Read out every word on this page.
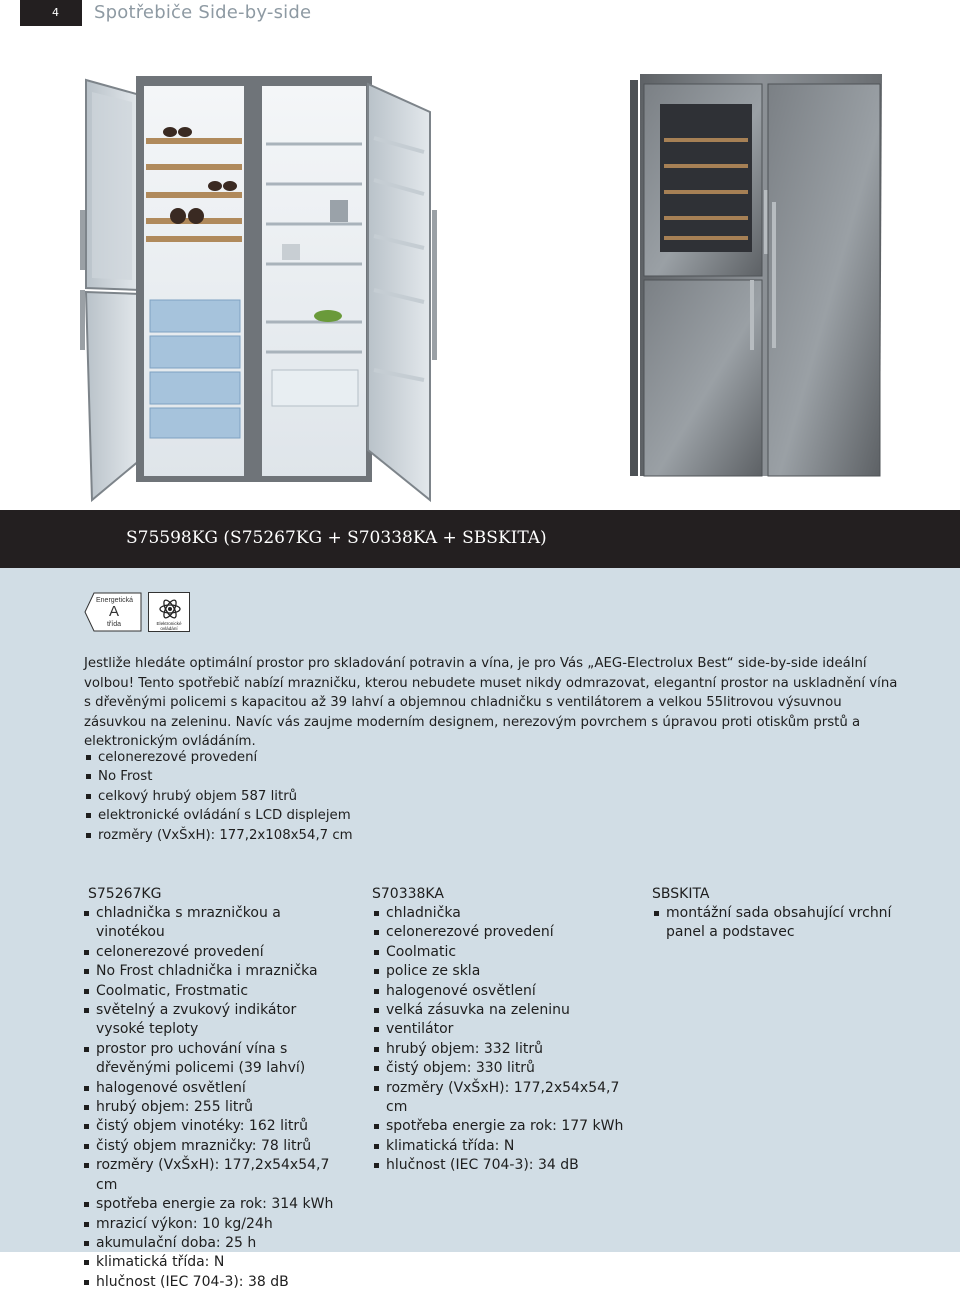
4	Spotřebiče Side-by-side
S75598KG (S75267KG + S70338KA + SBSKITA)
Energetická
A
třída	Elektronické
ovládání

Jestliže hledáte optimální prostor pro skladování potravin a vína, je pro Vás „AEG-Electrolux Best“ side-by-side ideální volbou! Tento spotřebič nabízí mrazničku, kterou nebudete muset nikdy odmrazovat, elegantní prostor na uskladnění vína s dřevěnými policemi s kapacitou až 39 lahví a objemnou chladničku s ventilátorem a velkou 55litrovou výsuvnou zásuvkou na zeleninu. Navíc vás zaujme moderním designem, nerezovým povrchem s úpravou proti otiskům prstů a elektronickým ovládáním.

celonerezové provedení
No Frost
celkový hrubý objem 587 litrů
elektronické ovládání s LCD displejem
rozměry (VxŠxH): 177,2x108x54,7 cm
S75267KG
chladnička s mrazničkou a vinotékou
celonerezové provedení
No Frost chladnička i mraznička
Coolmatic, Frostmatic
světelný a zvukový indikátor vysoké teploty
prostor pro uchování vína s dřevěnými policemi (39 lahví)
halogenové osvětlení
hrubý objem: 255 litrů
čistý objem vinotéky: 162 litrů
čistý objem mrazničky: 78 litrů
rozměry (VxŠxH): 177,2x54x54,7 cm
spotřeba energie za rok: 314 kWh
mrazicí výkon: 10 kg/24h
akumulační doba: 25 h
klimatická třída: N
hlučnost (IEC 704-3): 38 dB
S70338KA
chladnička
celonerezové provedení
Coolmatic
police ze skla
halogenové osvětlení
velká zásuvka na zeleninu
ventilátor
hrubý objem: 332 litrů
čistý objem: 330 litrů
rozměry (VxŠxH): 177,2x54x54,7 cm
spotřeba energie za rok: 177 kWh
klimatická třída: N
hlučnost (IEC 704-3): 34 dB
SBSKITA
montážní sada obsahující vrchní panel a podstavec
